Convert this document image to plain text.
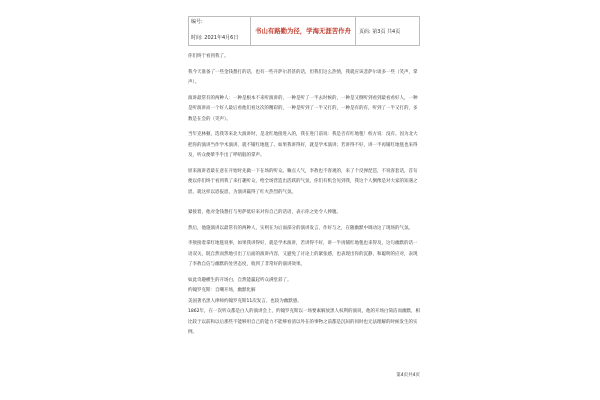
编号:
时间: 2021年4月6日
书山有路勤为径，学海无涯苦作舟	页码: 第3页 共4页

你们终于看到我了。

我今天准备了一些金钱想打的话，也有一些开萨尔甚甚的话，但我们这么热情，我就应该悲萨尔谈多一些（笑声，掌声）。

演讲最常有的两种人：一种是根本不来听演讲的，一种是听了一半去时候的，一种是又倒听到看到最看看好人，一种是听演讲而一个好人最后看他们看这次的精彩的，一种是听到了一半又打的，一种是有的有，听到了一半又打的，多数是在会的（笑声）。

当年克林顿，选我等来北大演讲时，是北红地接进入的，我在进门前说：我是否有红地毯！校方说：没有。因为北大把你的演讲当作学术演讲，就不铺红地毯了。如果我讲得好，就是学术演讲；若讲得不好，讲一半再铺红地毯也来得及，听众便晕乎乎出了呼哨般的掌声。

原来演讲者最在意在开始时先做一下在场的听众。嘛点人气，李敖也不客观的，来了个反弹琵琶，不说客套话，首句便以你们终于看到我了来打趣听众，给全场营造出活跃的气氛，你们有机会见到我，我这个人倒像是对大家的知遇之恩，就这样以恩报恩，为演讲赢得了红火热烈的气氛。

紧接着，他对金钱想打与男萨低好来对你自己的话语，表示你之处令人捧腹。

然后，他施演讲以最常有的两种人，实则在为后面部分的演讲发言，作好与之，在随幽默中调动这了现场的气氛。

李敖接着拿红地毯说事，如果我讲得好，就是学术演讲，若讲得不好，讲一半再铺红地毯也来得及，这句幽默的话一语双关，既自然而然地引出了后面的演讲内容，又避免了讨论上的紧张感，也表现出你的沉静，和聪明的应对，表现了李敖自信与幽默的处世态度，收到了非常好的演讲效果。

如此奇趣横生的开场白，自然能赢起听众满堂彩了。

约翰罗克斯：自嘲开场，幽默化解

美国著名黑人律师约翰罗克斯11次发言，也较为幽默感。

1862年，在一次听众都是白人的演讲会上，约翰罗克斯以一场要素解放黑人权利的演说，他的开场白简洁而幽默，相比较于以前和以后那些不能够用自己的能力不能够看清以外在的事物之前都是沉闷的同时也无法理解的时候发生的实例。

第4页共4页
